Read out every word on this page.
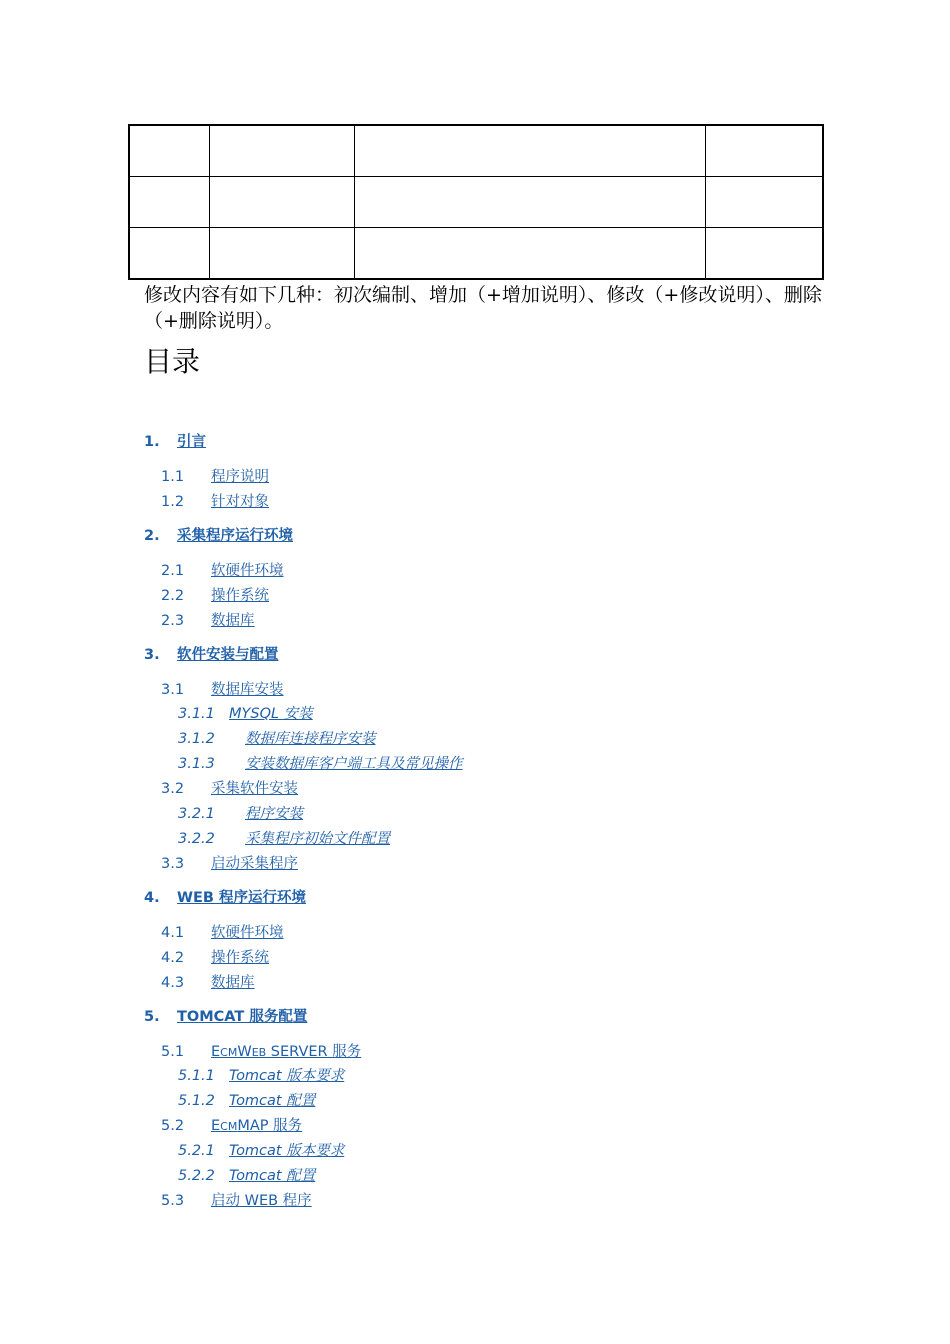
修改内容有如下几种：初次编制、增加（+增加说明）、修改（+修改说明）、删除（+删除说明）。

目录
1. 引言
1.1 程序说明
1.2 针对对象
2. 采集程序运行环境
2.1 软硬件环境
2.2 操作系统
2.3 数据库
3. 软件安装与配置
3.1 数据库安装
3.1.1 MYSQL 安装
3.1.2 数据库连接程序安装
3.1.3 安装数据库客户端工具及常见操作
3.2 采集软件安装
3.2.1 程序安装
3.2.2 采集程序初始文件配置
3.3 启动采集程序
4. WEB 程序运行环境
4.1 软硬件环境
4.2 操作系统
4.3 数据库
5. TOMCAT 服务配置
5.1 ECMWEB SERVER 服务
5.1.1 Tomcat 版本要求
5.1.2 Tomcat 配置
5.2 ECMMAP 服务
5.2.1 Tomcat 版本要求
5.2.2 Tomcat 配置
5.3 启动 WEB 程序
